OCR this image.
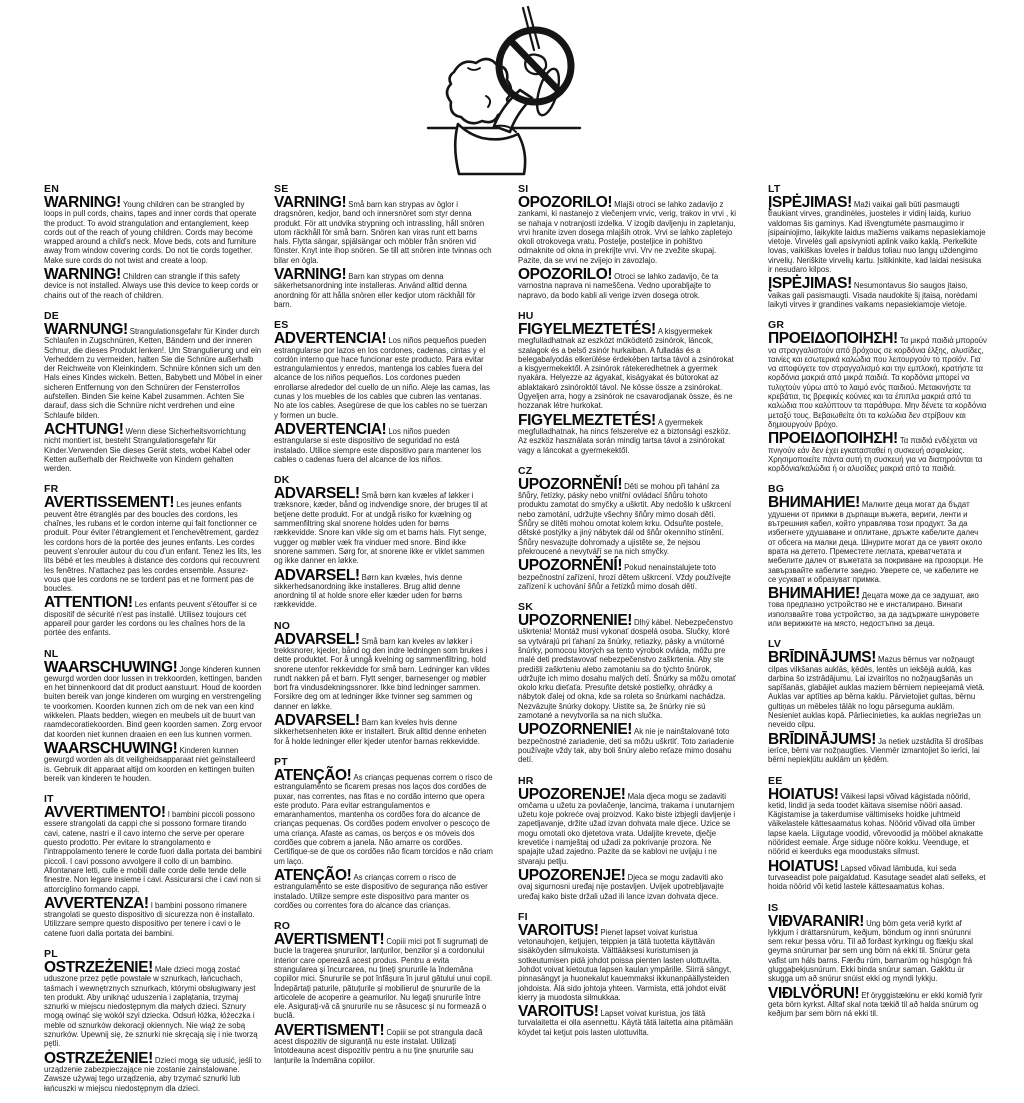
EN

WARNING! Young children can be strangled by loops in pull cords, chains, tapes and inner cords that operate the product. To avoid strangulation and entanglement, keep cords out of the reach of young children. Cords may become wrapped around a child's neck. Move beds, cots and furniture away from window covering cords. Do not tie cords together. Make sure cords do not twist and create a loop.

WARNING! Children can strangle if this safety device is not installed. Always use this device to keep cords or chains out of the reach of children.

DE

WARNUNG! Strangulationsgefahr für Kinder durch Schlaufen in Zugschnüren, Ketten, Bändern und der inneren Schnur, die dieses Produkt lenken!. Um Strangulierung und ein Verheddern zu vermeiden, halten Sie die Schnüre außerhalb der Reichweite von Kleinkindern. Schnüre können sich um den Hals eines Kindes wickeln. Betten, Babybett und Möbel in einer sicheren Entfernung von den Schnüren der Fensterrollos aufstellen. Binden Sie keine Kabel zusammen. Achten Sie darauf, dass sich die Schnüre nicht verdrehen und eine Schlaufe bilden.

ACHTUNG! Wenn diese Sicherheitsvorrichtung nicht montiert ist, besteht Strangulationsgefahr für Kinder.Verwenden Sie dieses Gerät stets, wobei Kabel oder Ketten außerhalb der Reichweite von Kindern gehalten werden.

FR

AVERTISSEMENT! Les jeunes enfants peuvent être étranglés par des boucles des cordons, les chaînes, les rubans et le cordon interne qui fait fonctionner ce produit. Pour éviter l'étranglement et l'enchevêtrement, gardez les cordons hors de la portée des jeunes enfants. Les cordes peuvent s'enrouler autour du cou d'un enfant. Tenez les lits, les lits bébé et les meubles à distance des cordons qui recouvrent les fenêtres. N'attachez pas les cordes ensemble. Assurez-vous que les cordons ne se tordent pas et ne forment pas de boucles.

ATTENTION! Les enfants peuvent s'étouffer si ce dispositif de sécurité n'est pas installé. Utilisez toujours cet appareil pour garder les cordons ou les chaînes hors de la portée des enfants.

NL

WAARSCHUWING! Jonge kinderen kunnen gewurgd worden door lussen in trekkoorden, kettingen, banden en het binnenkoord dat dit product aanstuurt. Houd de koorden buiten bereik van jonge kinderen om wurging en verstrengeling te voorkomen. Koorden kunnen zich om de nek van een kind wikkelen. Plaats bedden, wiegen en meubels uit de buurt van raamdecoratiekoorden. Bind geen koorden samen. Zorg ervoor dat koorden niet kunnen draaien en een lus kunnen vormen.

WAARSCHUWING! Kinderen kunnen gewurgd worden als dit veiligheidsapparaat niet geïnstalleerd is. Gebruik dit apparaat altijd om koorden en kettingen buiten bereik van kinderen te houden.

IT

AVVERTIMENTO! I bambini piccoli possono essere strangolati da cappi che si possono formare tirando cavi, catene, nastri e il cavo interno che serve per operare questo prodotto. Per evitare lo strangolamento e l'intrappolamento tenere le corde fuori dalla portata dei bambini piccoli. I cavi possono avvolgere il collo di un bambino. Allontanare letti, culle e mobili dalle corde delle tende delle finestre. Non legare insieme i cavi. Assicurarsi che i cavi non si attorciglino formando cappi.

AVVERTENZA! I bambini possono rimanere strangolati se questo dispositivo di sicurezza non è installato. Utilizzare sempre questo dispositivo per tenere i cavi o le catene fuori dalla portata dei bambini.

PL

OSTRZEŻENIE! Małe dzieci mogą zostać uduszone przez pętle powstałe w sznurkach, łańcuchach, taśmach i wewnętrznych sznurkach, którymi obsługiwany jest ten produkt. Aby uniknąć uduszenia i zaplątania, trzymaj sznurki w miejscu niedostępnym dla małych dzieci. Sznury mogą owinąć się wokół szyi dziecka. Odsuń łóżka, łóżeczka i meble od sznurków dekoracji okiennych. Nie wiąż ze sobą sznurków. Upewnij się, że sznurki nie skręcają się i nie tworzą pętli.

OSTRZEŻENIE! Dzieci mogą się udusić, jeśli to urządzenie zabezpieczające nie zostanie zainstalowane. Zawsze używaj tego urządzenia, aby trzymać sznurki lub łańcuszki w miejscu niedostępnym dla dzieci.

SE

VARNING! Små barn kan strypas av öglor i dragsnören, kedjor, band och innersnöret som styr denna produkt. För att undvika strypning och intrassling, håll snören utom räckhåll för små barn. Snören kan viras runt ett barns hals. Flytta sängar, spjälsängar och möbler från snören vid fönster. Knyt inte ihop snören. Se till att snören inte tvinnas och bilar en ögla.

VARNING! Barn kan strypas om denna säkerhetsanordning inte installeras. Använd alltid denna anordning för att hålla snören eller kedjor utom räckhåll för barn.

ES

ADVERTENCIA! Los niños pequeños pueden estrangularse por lazos en los cordones, cadenas, cintas y el cordón interno que hace funcionar este producto. Para evitar estrangulamientos y enredos, mantenga los cables fuera del alcance de los niños pequeños. Los cordones pueden enrollarse alrededor del cuello de un niño. Aleje las camas, las cunas y los muebles de los cables que cubren las ventanas. No ate los cables. Asegúrese de que los cables no se tuerzan y formen un bucle.

ADVERTENCIA! Los niños pueden estrangularse si este dispositivo de seguridad no está instalado. Utilice siempre este dispositivo para mantener los cables o cadenas fuera del alcance de los niños.

DK

ADVARSEL! Små børn kan kvæles af løkker i træksnore, kæder, bånd og indvendige snore, der bruges til at betjene dette produkt. For at undgå risiko for kvælning og sammenfiltring skal snorene holdes uden for børns rækkevidde. Snore kan vikle sig om et barns hals. Flyt senge, vugger og møbler væk fra vinduer med snore. Bind ikke snorene sammen. Sørg for, at snorene ikke er viklet sammen og ikke danner en løkke.

ADVARSEL! Børn kan kvæles, hvis denne sikkerhedsanordning ikke installeres. Brug altid denne anordning til at holde snore eller kæder uden for børns rækkevidde.

NO

ADVARSEL! Små barn kan kveles av løkker i trekksnorer, kjeder, bånd og den indre ledningen som brukes i dette produktet. For å unngå kvelning og sammenfiltring, hold snorene utenfor rekkevidde for små barn. Ledninger kan vikles rundt nakken på et barn. Flytt senger, barnesenger og møbler bort fra vindusdekningssnorer. Ikke bind ledninger sammen. Forsikre deg om at ledninger ikke tvinner seg sammen og danner en løkke.

ADVARSEL! Barn kan kveles hvis denne sikkerhetsenheten ikke er installert. Bruk alltid denne enheten for å holde ledninger eller kjeder utenfor barnas rekkevidde.

PT

ATENÇÃO! As crianças pequenas correm o risco de estrangulamento se ficarem presas nos laços dos cordões de puxar, nas correntes, nas fitas e no cordão interno que opera este produto. Para evitar estrangulamentos e emaranhamentos, mantenha os cordões fora do alcance de crianças pequenas. Os cordões podem envolver o pescoço de uma criança. Afaste as camas, os berços e os móveis dos cordões que cobrem a janela. Não amarre os cordões. Certifique-se de que os cordões não ficam torcidos e não criam um laço.

ATENÇÃO! As crianças correm o risco de estrangulamento se este dispositivo de segurança não estiver instalado. Utilize sempre este dispositivo para manter os cordões ou correntes fora do alcance das crianças.

RO

AVERTISMENT! Copiii mici pot fi sugrumați de bucle la tragerea șnururilor, lanțurilor, benzilor și a cordonului interior care operează acest produs. Pentru a evita strangularea și încurcarea, nu țineți șnururile la îndemâna copiilor mici. Șnururile se pot înfășura în jurul gâtului unui copil. Îndepărtați paturile, pătuțurile și mobilierul de șnururile de la articolele de acoperire a geamurilor. Nu legați șnururile între ele. Asigurați-vă că șnururile nu se răsucesc și nu formează o buclă.

AVERTISMENT! Copiii se pot strangula dacă acest dispozitiv de siguranță nu este instalat. Utilizați întotdeauna acest dispozitiv pentru a nu ține șnururile sau lanțurile la îndemâna copiilor.

SI

OPOZORILO! Mlajši otroci se lahko zadavijo z zankami, ki nastanejo z vlečenjem vrvic, verig, trakov in vrvi , ki se nahaja v notranjosti izdelka. V izogib davljenju in zapletanju, vrvi hranite izven dosega mlajših otrok. Vrvi se lahko zapletejo okoli otrokovega vratu. Postelje, posteljice in pohištvo odmaknite od okna in prekrijte vrvi. Vrv ne zvežite skupaj. Pazite, da se vrvi ne zvijejo in zavozlajo.

OPOZORILO! Otroci se lahko zadavijo, če ta varnostna naprava ni nameščena. Vedno uporabljajte to napravo, da bodo kabli ali verige izven dosega otrok.

HU

FIGYELMEZTETÉS! A kisgyermekek megfulladhatnak az eszközt működtető zsinórok, láncok, szalagok és a belső zsinór hurkaiban. A fulladás és a belegabalyodás elkerülése érdekében tartsa távol a zsinórokat a kisgyermekektől. A zsinórok rátekeredhetnek a gyermek nyakára. Helyezze az ágyakat, kiságyakat és bútorokat az ablaktakaró zsinóroktól távol. Ne kösse össze a zsinórokat. Ügyeljen arra, hogy a zsinórok ne csavarodjanak össze, és ne hozzanak létre hurkokat.

FIGYELMEZTETÉS! A gyermekek megfulladhatnak, ha nincs felszerelve ez a biztonsági eszköz. Az eszköz használata során mindig tartsa távol a zsinórokat vagy a láncokat a gyermekektől.

CZ

UPOZORNĚNÍ! Děti se mohou při tahání za šňůry, řetízky, pásky nebo vnitřní ovládací šňůru tohoto produktu zamotat do smyčky a uškrtit. Aby nedošlo k uškrcení nebo zamotání, udržujte všechny šňůry mimo dosah dětí. Šňůry se dítěti mohou omotat kolem krku. Odsuňte postele, dětské postýlky a jiný nábytek dál od šňůr okenního stínění. Šňůry nesvazujte dohromady a ujistěte se, že nejsou překroucené a nevytváří se na nich smyčky.

UPOZORNĚNÍ! Pokud nenainstalujete toto bezpečnostní zařízení, hrozí dětem uškrcení. Vždy používejte zařízení k uchování šňůr a řetízků mimo dosah dětí.

SK

UPOZORNENIE! Dlhý kábel. Nebezpečenstvo uškrtenia! Montáž musí vykonať dospelá osoba. Slučky, ktoré sa vytvárajú pri ťahaní za šnúrky, retiazky, pásky a vnútorné šnúrky, pomocou ktorých sa tento výrobok ovláda, môžu pre malé deti predstavovať nebezpečenstvo zaškrtenia. Aby ste predišli zaškrteniu alebo zamotaniu sa do týchto šnúrok, udržujte ich mimo dosahu malých detí. Šnúrky sa môžu omotať okolo krku dieťaťa. Presuňte detské postieľky, ohrádky a nábytok ďalej od okna, kde sa roleta so šnúrkami nachádza. Nezväzujte šnúrky dokopy. Uistite sa, že šnúrky nie sú zamotané a nevytvorila sa na nich slučka.

UPOZORNENIE! Ak nie je nainštalované toto bezpečnostné zariadenie, deti sa môžu uškrtiť. Toto zariadenie používajte vždy tak, aby boli šnúry alebo reťaze mimo dosahu detí.

HR

UPOZORENJE! Mala djeca mogu se zadaviti omčama u užetu za povlačenje, lancima, trakama i unutarnjem užetu koje pokreće ovaj proizvod. Kako biste izbjegli davljenje i zapetljavanje, držite užad izvan dohvata male djece. Uzice se mogu omotati oko djetetova vrata. Udaljite krevete, dječje krevetiće i namještaj od užadi za pokrivanje prozora. Ne spajajte užad zajedno. Pazite da se kablovi ne uvijaju i ne stvaraju petlju.

UPOZORENJE! Djeca se mogu zadaviti ako ovaj sigurnosni uređaj nije postavljen. Uvijek upotrebljavajte uređaj kako biste držali užad ili lance izvan dohvata djece.

FI

VAROITUS! Pienet lapset voivat kuristua vetonauhojen, ketjujen, teippien ja tätä tuotetta käyttävän sisäköyden silmukoista. Välttääksesi kuristumisen ja sotkeutumisen pidä johdot poissa pienten lasten ulottuvilta. Johdot voivat kietoutua lapsen kaulan ympärille. Siirrä sängyt, pinnasängyt ja huonekalut kauemmaksi ikkunanpäällysteiden johdoista. Älä sido johtoja yhteen. Varmista, että johdot eivät kierry ja muodosta silmukkaa.

VAROITUS! Lapset voivat kuristua, jos tätä turvalaitetta ei olla asennettu. Käytä tätä laitetta aina pitämään köydet tai ketjut pois lasten ulottuvilta.

LT

ĮSPĖJIMAS! Maži vaikai gali būti pasmaugti traukiant virves, grandinėles, juosteles ir vidinį laidą, kuriuo valdomas šis gaminys. Kad išvengtumėte pasmaugimo ir įsipainiojimo, laikykite laidus mažiems vaikams nepasiekiamoje vietoje. Virvelės gali apsivynioti aplink vaiko kaklą. Perkelkite lovas, vaikiškas loveles ir baldus toliau nuo langų uždengimo virvelių. Neriškite virvelių kartu. Įsitikinkite, kad laidai nesisuka ir nesudaro kilpos.

ĮSPĖJIMAS! Nesumontavus šio saugos įtaiso, vaikas gali pasismaugti. Visada naudokite šį įtaisą, norėdami laikyti virves ir grandines vaikams nepasiekiamoje vietoje.

GR

ΠΡΟΕΙΔΟΠΟΙΗΣΗ! Τα μικρά παιδιά μπορούν να στραγγαλιστούν από βρόχους σε κορδόνια έλξης, αλυσίδες, ταινίες και εσωτερικά καλώδια που λειτουργούν το προϊόν. Για να αποφύγετε τον στραγγαλισμό και την εμπλοκή, κρατήστε τα κορδόνια μακριά από μικρά παιδιά. Τα κορδόνια μπορεί να τυλιχτούν γύρω από το λαιμό ενός παιδιού. Μετακινήστε τα κρεβάτια, τις βρεφικές κούνιες και τα έπιπλα μακριά από τα καλώδια που καλύπτουν τα παράθυρα. Μην δένετε τα κορδόνια μεταξύ τους. Βεβαιωθείτε ότι τα καλώδια δεν στρίβουν και δημιουργούν βρόχο.

ΠΡΟΕΙΔΟΠΟΙΗΣΗ! Τα παιδιά ενδέχεται να πνιγούν εάν δεν έχει εγκατασταθεί η συσκευή ασφαλείας. Χρησιμοποιείτε πάντα αυτή τη συσκευή για να διατηρούνται τα κορδόνια/καλώδια ή οι αλυσίδες μακριά από τα παιδιά.

BG

ВНИМАНИЕ! Малките деца могат да бъдат удушени от примки в дърпащи въжета, вериги, ленти и вътрешния кабел, който управлява този продукт. За да избегнете удушаване и оплитане, дръжте кабелите далеч от обсега на малки деца. Шнурите могат да се увият около врата на детето. Преместете леглата, креватчетата и мебелите далеч от въжетата за покриване на прозорци. Не завързвайте кабелите заедно. Уверете се, че кабелите не се усукват и образуват примка.

ВНИМАНИЕ! Децата може да се задушат, ако това предпазно устройство не е инсталирано. Винаги използвайте това устройство, за да задържате шнуровете или верижките на място, недостъпно за деца.

LV

BRĪDINĀJUMS! Mazus bērnus var nožņaugt cilpas vilkšanas auklās, ķēdēs, lentēs un iekšējā auklā, kas darbina šo izstrādājumu. Lai izvairītos no nožņaugšanās un sapīšanās, glabājiet auklas maziem bērniem nepieejamā vietā. Auklas var aptīties ap bērna kaklu. Pārvietojiet gultas, bērnu gultiņas un mēbeles tālāk no logu pārseguma auklām. Nesieniet auklas kopā. Pārliecinieties, ka auklas negriežas un neveido cilpu.

BRĪDINĀJUMS! Ja netiek uzstādīta šī drošības ierīce, bērni var nožņaugties. Vienmēr izmantojiet šo ierīci, lai bērni nepiekļūtu auklām un ķēdēm.

EE

HOIATUS! Väikesi lapsi võivad kägistada nöörid, ketid, lindid ja seda toodet käitava sisemise nööri aasad. Kägistamise ja takerdumise vältimiseks hoidke juhtmeid väikelastele kättesaamatus kohas. Nöörid võivad olla ümber lapse kaela. Liigutage voodid, võrevoodid ja mööbel aknakatte nööridest eemale. Ärge siduge nööre kokku. Veenduge, et nöörid ei keerduks ega moodustaks silmust.

HOIATUS! Lapsed võivad lämbuda, kui seda turvaseadist pole paigaldatud. Kasutage seadet alati selleks, et hoida nöörid või ketid lastele kättesaamatus kohas.

IS

VIÐVARANIR! Ung börn geta verið kyrkt af lykkjum í dráttarsnúrum, keðjum, böndum og innri snúrunni sem rekur þessa vöru. Til að forðast kyrkingu og flækju skal geyma snúrurnar þar sem ung börn ná ekki til. Snúrur geta vafist um háls barns. Færðu rúm, barnarúm og húsgögn frá gluggaþekjusnúrum. Ekki binda snúrur saman. Gakktu úr skugga um að snúrur snúist ekki og myndi lykkju.

VIÐLVÖRUN! Ef öryggistækinu er ekki komið fyrir geta börn kyrkst. Alltaf skal nota tækið til að halda snúrum og keðjum þar sem börn ná ekki til.
